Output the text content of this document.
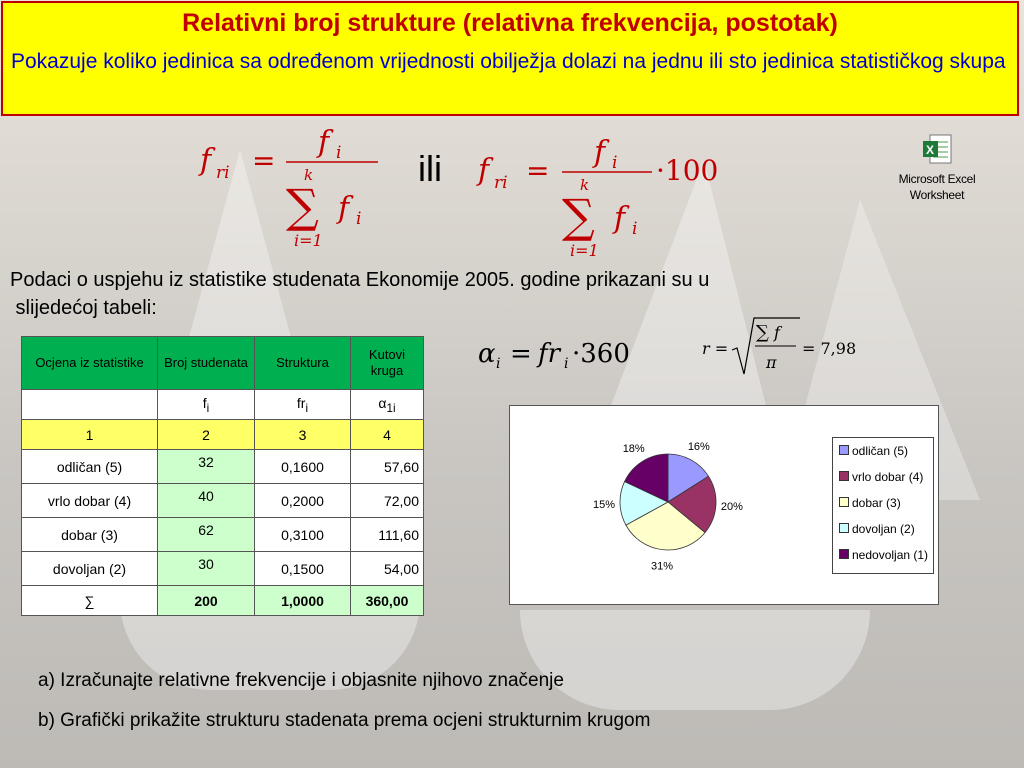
Relativni broj strukture (relativna frekvencija, postotak)
Pokazuje koliko jedinica sa određenom vrijednosti obilježja dolazi na jednu ili sto jedinica statističkog skupa
f ri =
f i
k
∑ f i
i=1
ili f ri =
f i ·100
k
∑ f i
i=1
X
Microsoft Excel
Worksheet
Podaci o uspjehu iz statistike studenata Ekonomije 2005. godine prikazani su u
slijedećoj tabeli:
Ocjena iz statistike	Broj studenata	Struktura	Kutovi kruga
	$f_i$	$fr_i$	$\alpha_{1i}$
1	2	3	4
odličan (5)	32	0,1600	57,60
vrlo dobar (4)	40	0,2000	72,00
dobar (3)	62	0,3100	111,60
dovoljan (2)	30	0,1500	54,00
∑	200	1,0000	360,00
α i = fr i ·360	r =
∑ f
π
= 7,98
16%
20%
31%
15%
18%	odličan (5)
vrlo dobar (4)
dobar (3)
dovoljan (2)
nedovoljan (1)
a) Izračunajte relativne frekvencije i objasnite njihovo značenje
b) Grafički prikažite strukturu stadenata prema ocjeni strukturnim krugom
